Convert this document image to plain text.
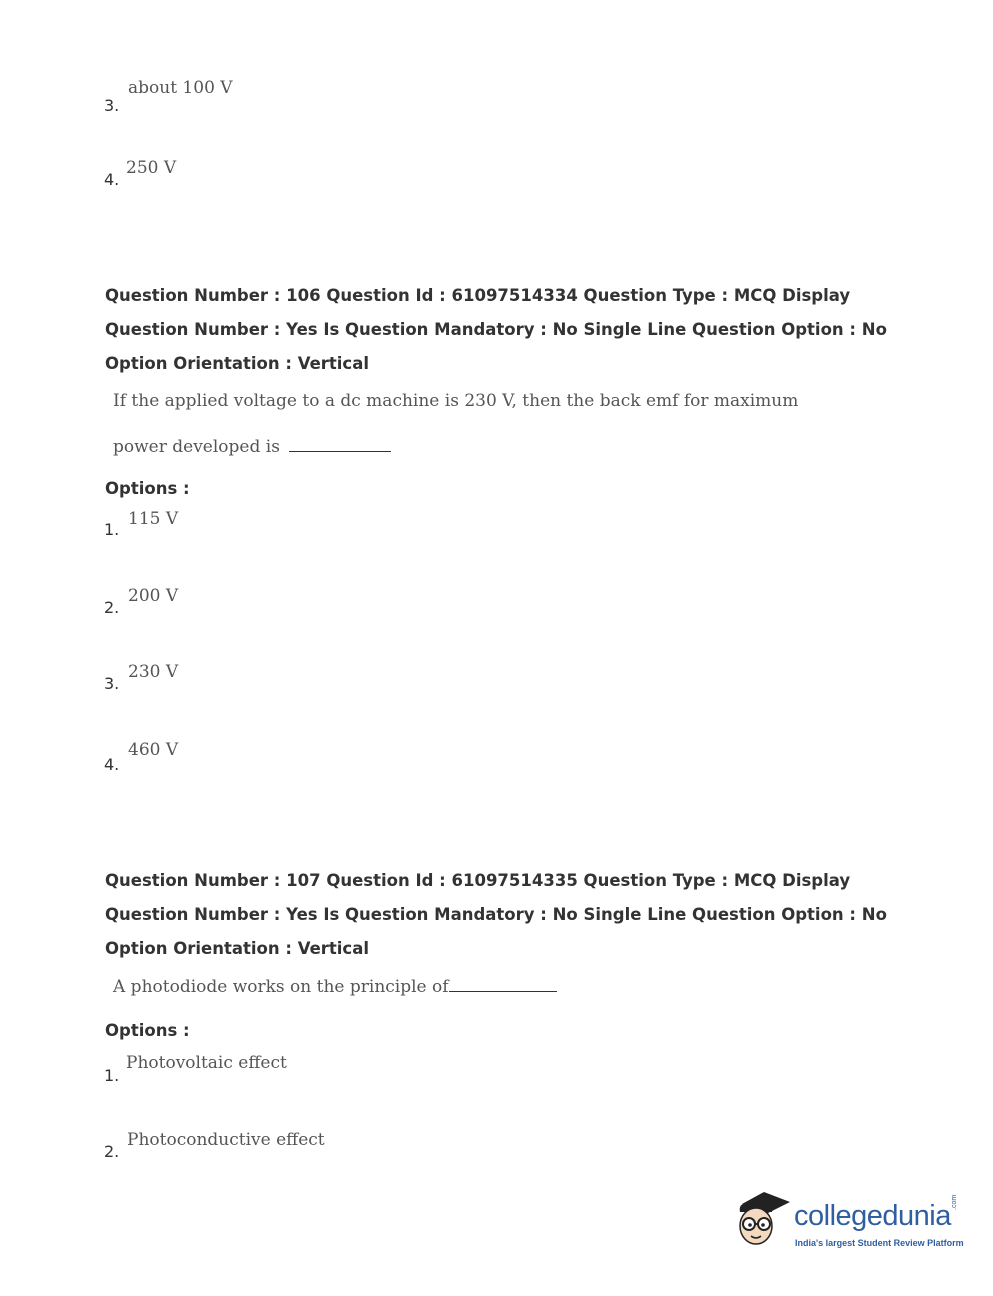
3.
about 100 V
4.
250 V
Question Number : 106 Question Id : 61097514334 Question Type : MCQ Display Question Number : Yes Is Question Mandatory : No Single Line Question Option : No Option Orientation : Vertical
If the applied voltage to a dc machine is 230 V, then the back emf for maximum
power developed is
Options :
1.
115 V
2.
200 V
3.
230 V
4.
460 V
Question Number : 107 Question Id : 61097514335 Question Type : MCQ Display Question Number : Yes Is Question Mandatory : No Single Line Question Option : No Option Orientation : Vertical
A photodiode works on the principle of
Options :
1.
Photovoltaic effect
2.
Photoconductive effect
collegedunia .com
India's largest Student Review Platform
